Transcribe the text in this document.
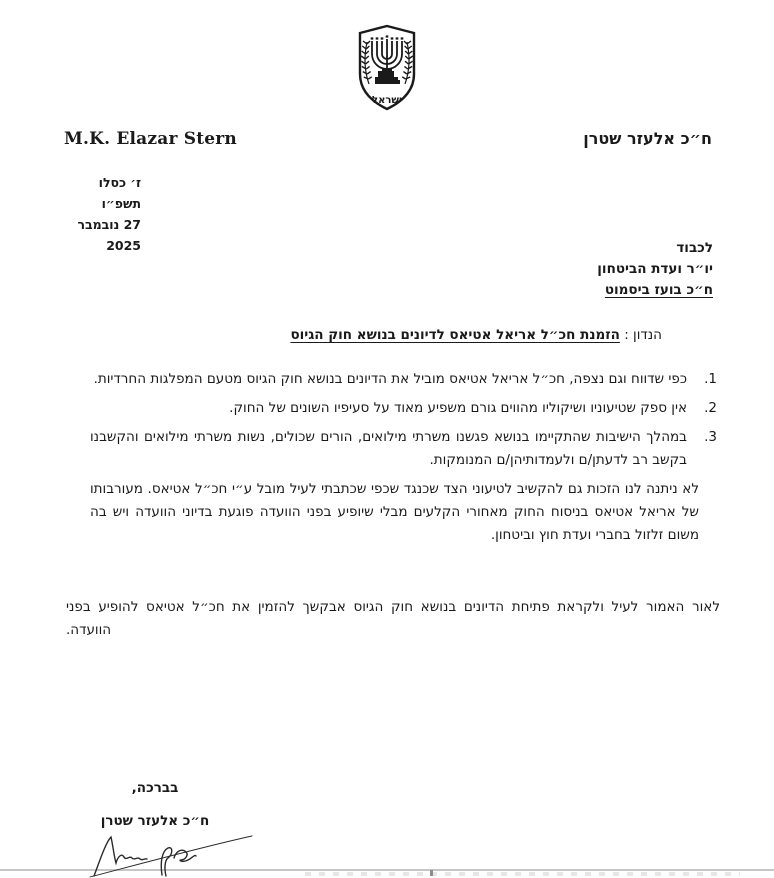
ישראל
M.K. Elazar Stern	ח״כ אלעזר שטרן
ז׳ כסלו תשפ״ו
27 נובמבר 2025	לכבוד
יו״ר ועדת הביטחון
ח״כ בועז ביסמוט
הנדון : הזמנת חכ״ל אריאל אטיאס לדיונים בנושא חוק הגיוס
1.
כפי שדווח וגם נצפה, חכ״ל אריאל אטיאס מוביל את הדיונים בנושא חוק הגיוס מטעם המפלגות החרדיות.
2.
אין ספק שטיעוניו ושיקוליו מהווים גורם משפיע מאוד על סעיפיו השונים של החוק.
3.
במהלך הישיבות שהתקיימו בנושא פגשנו משרתי מילואים, הורים שכולים, נשות משרתי מילואים והקשבנו בקשב רב לדעתן/ם ולעמדותיהן/ם המנומקות.
לא ניתנה לנו הזכות גם להקשיב לטיעוני הצד שכנגד שכפי שכתבתי לעיל מובל ע״י חכ״ל אטיאס. מעורבותו של אריאל אטיאס בניסוח החוק מאחורי הקלעים מבלי שיופיע בפני הוועדה פוגעת בדיוני הוועדה ויש בה משום זלזול בחברי ועדת חוץ וביטחון.
לאור האמור לעיל ולקראת פתיחת הדיונים בנושא חוק הגיוס אבקשך להזמין את חכ״ל אטיאס להופיע בפני
הוועדה.
בברכה,
ח״כ אלעזר שטרן
